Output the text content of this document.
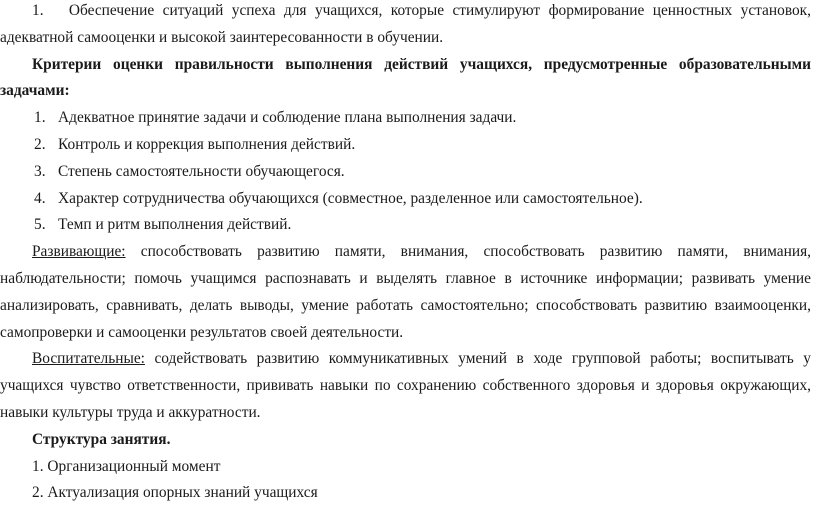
1. Обеспечение ситуаций успеха для учащихся, которые стимулируют формирование ценностных установок, адекватной самооценки и высокой заинтересованности в обучении.

Критерии оценки правильности выполнения действий учащихся, предусмотренные образовательными задачами:

1. Адекватное принятие задачи и соблюдение плана выполнения задачи.

2. Контроль и коррекция выполнения действий.

3. Степень самостоятельности обучающегося.

4. Характер сотрудничества обучающихся (совместное, разделенное или самостоятельное).

5. Темп и ритм выполнения действий.

Развивающие: способствовать развитию памяти, внимания, способствовать развитию памяти, внимания, наблюдательности; помочь учащимся распознавать и выделять главное в источнике информации; развивать умение анализировать, сравнивать, делать выводы, умение работать самостоятельно; способствовать развитию взаимооценки, самопроверки и самооценки результатов своей деятельности.

Воспитательные: содействовать развитию коммуникативных умений в ходе групповой работы; воспитывать у учащихся чувство ответственности, прививать навыки по сохранению собственного здоровья и здоровья окружающих, навыки культуры труда и аккуратности.

Структура занятия.

1. Организационный момент

2. Актуализация опорных знаний учащихся
